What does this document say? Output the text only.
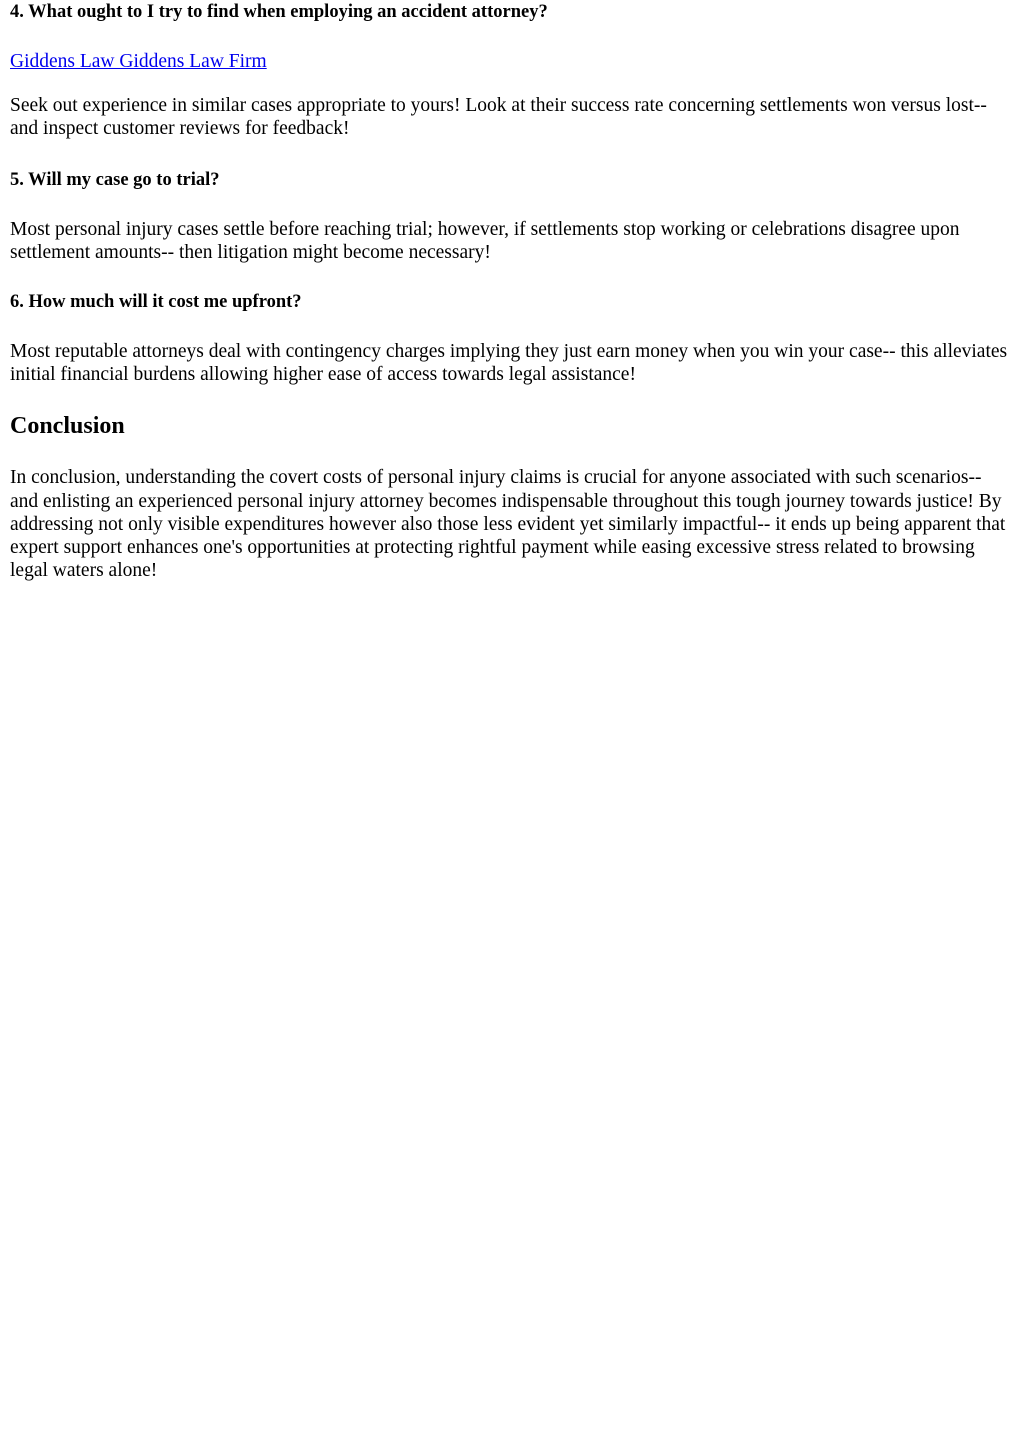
4. What ought to I try to find when employing an accident attorney?

Giddens Law Giddens Law Firm

Seek out experience in similar cases appropriate to yours! Look at their success rate concerning settlements won versus lost-- and inspect customer reviews for feedback!

5. Will my case go to trial?

Most personal injury cases settle before reaching trial; however, if settlements stop working or celebrations disagree upon settlement amounts-- then litigation might become necessary!

6. How much will it cost me upfront?

Most reputable attorneys deal with contingency charges implying they just earn money when you win your case-- this alleviates initial financial burdens allowing higher ease of access towards legal assistance!

Conclusion

In conclusion, understanding the covert costs of personal injury claims is crucial for anyone associated with such scenarios-- and enlisting an experienced personal injury attorney becomes indispensable throughout this tough journey towards justice! By addressing not only visible expenditures however also those less evident yet similarly impactful-- it ends up being apparent that expert support enhances one's opportunities at protecting rightful payment while easing excessive stress related to browsing legal waters alone!
